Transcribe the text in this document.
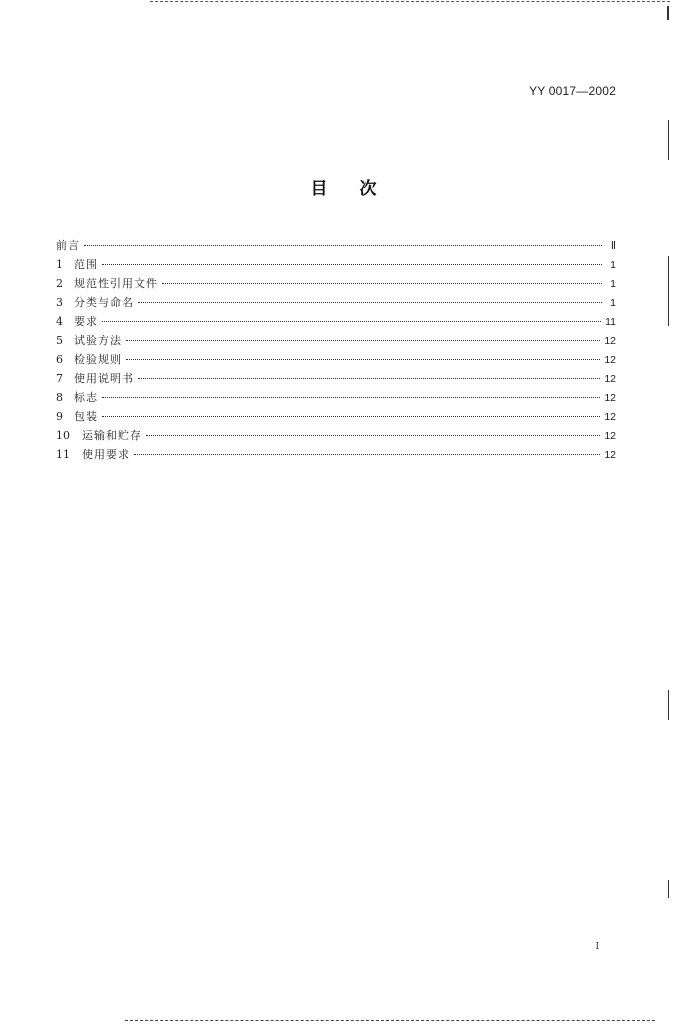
YY 0017—2002
目次
前言	Ⅱ
1	范围	1
2	规范性引用文件	1
3	分类与命名	1
4	要求	11
5	试验方法	12
6	检验规则	12
7	使用说明书	12
8	标志	12
9	包装	12
10	运输和贮存	12
11	使用要求	12
I
